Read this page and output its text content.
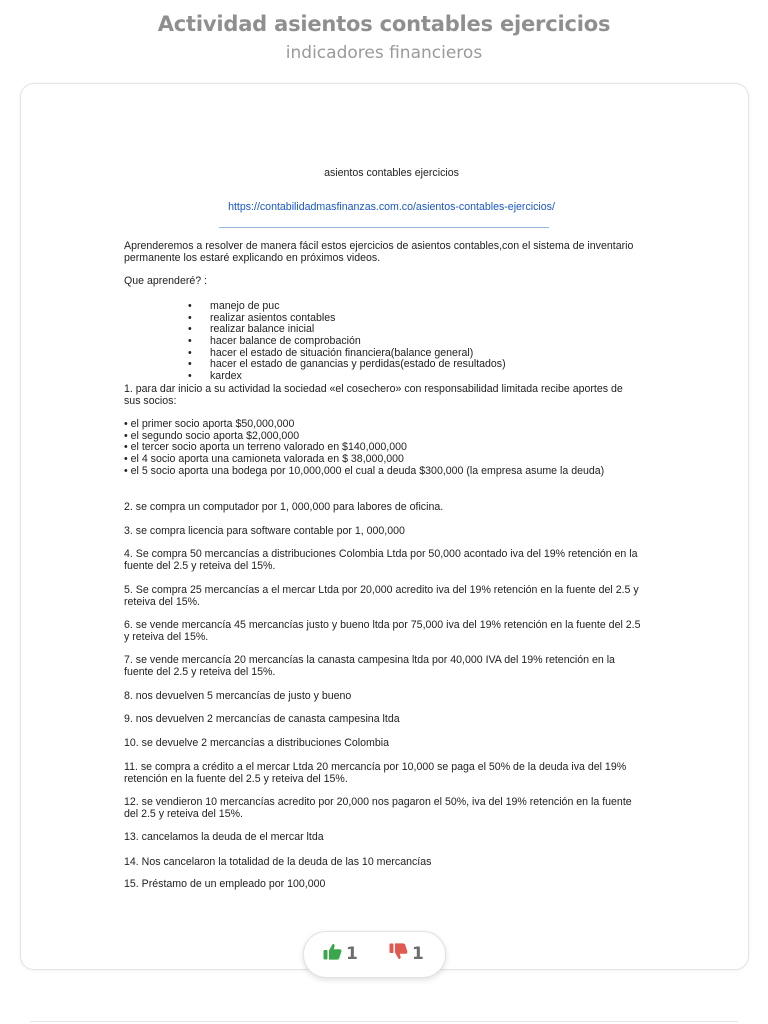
Actividad asientos contables ejercicios
indicadores financieros
asientos contables ejercicios
https://contabilidadmasfinanzas.com.co/asientos-contables-ejercicios/
Aprenderemos a resolver de manera fácil estos ejercicios de asientos contables,con el sistema de inventario
permanente los estaré explicando en próximos videos.
Que aprenderé? :
• manejo de puc
• realizar asientos contables
• realizar balance inicial
• hacer balance de comprobación
• hacer el estado de situación financiera(balance general)
• hacer el estado de ganancias y perdidas(estado de resultados)
• kardex
1. para dar inicio a su actividad la sociedad «el cosechero» con responsabilidad limitada recibe aportes de
sus socios:
• el primer socio aporta $50,000,000
• el segundo socio aporta $2,000,000
• el tercer socio aporta un terreno valorado en $140,000,000
• el 4 socio aporta una camioneta valorada en $ 38,000,000
• el 5 socio aporta una bodega por 10,000,000 el cual a deuda $300,000 (la empresa asume la deuda)
2. se compra un computador por 1, 000,000 para labores de oficina.
3. se compra licencia para software contable por 1, 000,000
4. Se compra 50 mercancías a distribuciones Colombia Ltda por 50,000 acontado iva del 19% retención en la
fuente del 2.5 y reteiva del 15%.
5. Se compra 25 mercancías a el mercar Ltda por 20,000 acredito iva del 19% retención en la fuente del 2.5 y
reteiva del 15%.
6. se vende mercancía 45 mercancías justo y bueno ltda por 75,000 iva del 19% retención en la fuente del 2.5
y reteiva del 15%.
7. se vende mercancía 20 mercancías la canasta campesina ltda por 40,000 IVA del 19% retención en la
fuente del 2.5 y reteiva del 15%.
8. nos devuelven 5 mercancías de justo y bueno
9. nos devuelven 2 mercancías de canasta campesina ltda
10. se devuelve 2 mercancías a distribuciones Colombia
11. se compra a crédito a el mercar Ltda 20 mercancía por 10,000 se paga el 50% de la deuda iva del 19%
retención en la fuente del 2.5 y reteiva del 15%.
12. se vendieron 10 mercancías acredito por 20,000 nos pagaron el 50%, iva del 19% retención en la fuente
del 2.5 y reteiva del 15%.
13. cancelamos la deuda de el mercar ltda
14. Nos cancelaron la totalidad de la deuda de las 10 mercancías
15. Préstamo de un empleado por 100,000
1	1
